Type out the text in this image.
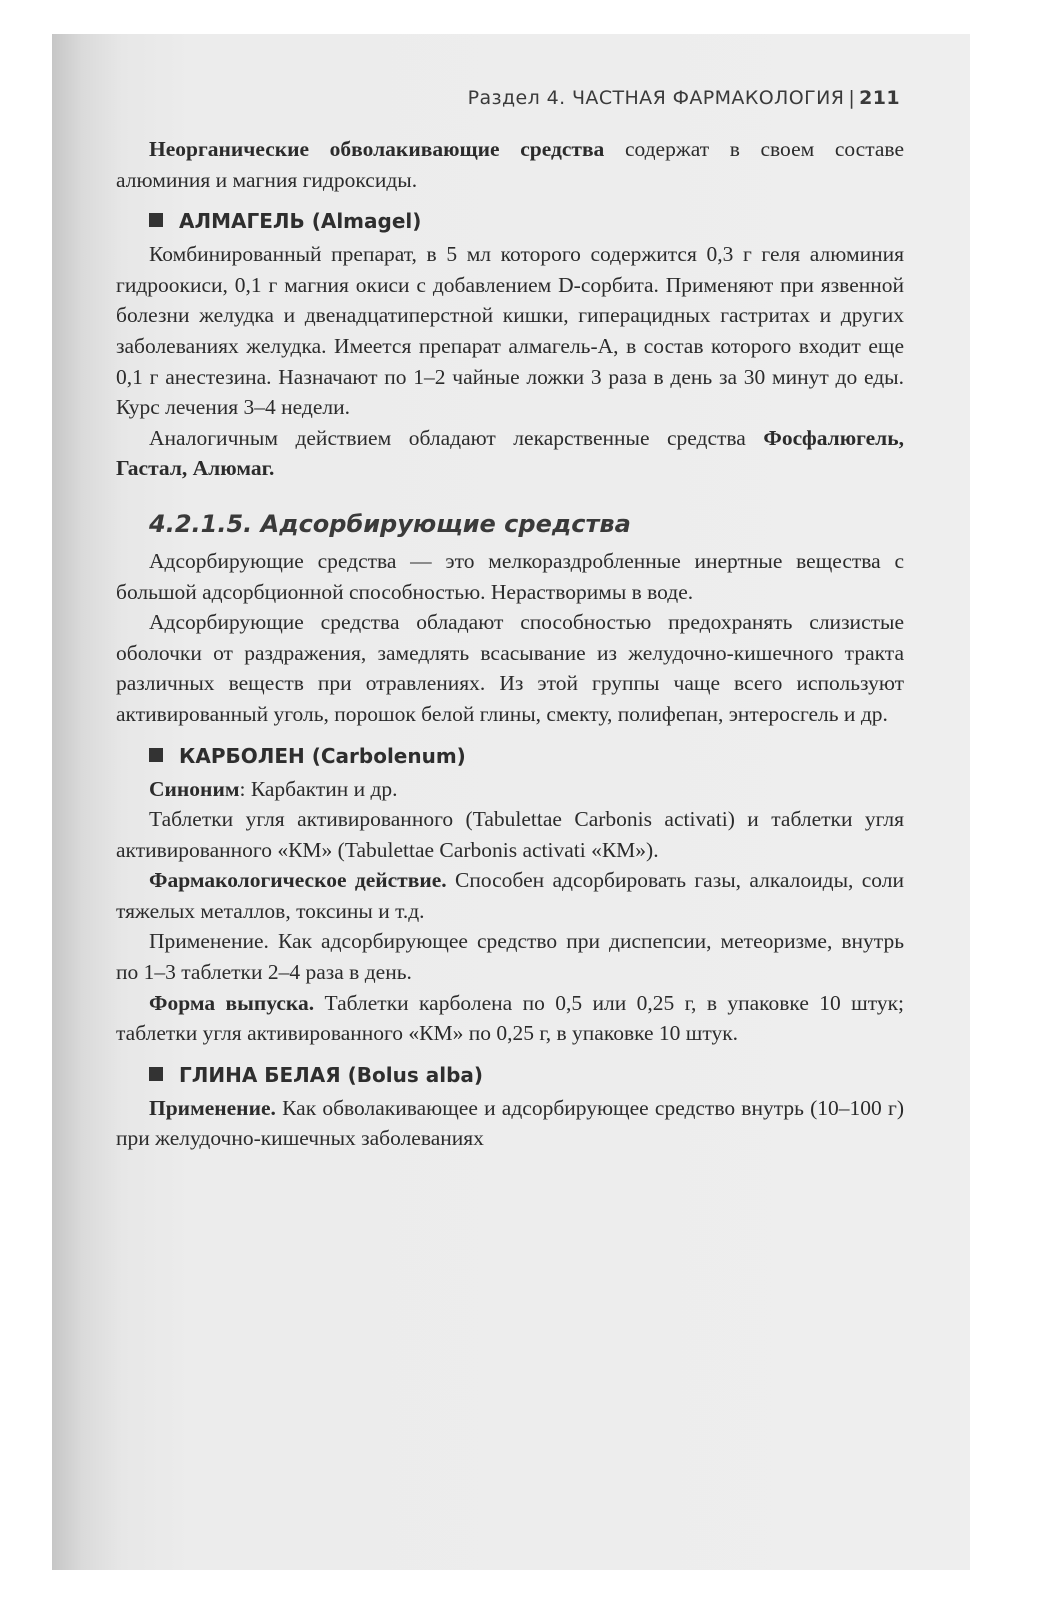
Раздел 4. ЧАСТНАЯ ФАРМАКОЛОГИЯ | 211

Неорганические обволакивающие средства содержат в своем составе алюминия и магния гидроксиды.

АЛМАГЕЛЬ (Almagel)

Комбинированный препарат, в 5 мл которого содержится 0,3 г геля алюминия гидроокиси, 0,1 г магния окиси с добавлением D-сорбита. Применяют при язвенной болезни желудка и двенадцатиперстной кишки, гиперацидных гастритах и других заболеваниях желудка. Имеется препарат алмагель-А, в состав которого входит еще 0,1 г анестезина. Назначают по 1–2 чайные ложки 3 раза в день за 30 минут до еды. Курс лечения 3–4 недели.

Аналогичным действием обладают лекарственные средства Фосфалюгель, Гастал, Алюмаг.

4.2.1.5. Адсорбирующие средства

Адсорбирующие средства — это мелкораздробленные инертные вещества с большой адсорбционной способностью. Нерастворимы в воде.

Адсорбирующие средства обладают способностью предохранять слизистые оболочки от раздражения, замедлять всасывание из желудочно-кишечного тракта различных веществ при отравлениях. Из этой группы чаще всего используют активированный уголь, порошок белой глины, смекту, полифепан, энтеросгель и др.

КАРБОЛЕН (Carbolenum)

Синоним: Карбактин и др.

Таблетки угля активированного (Tabulettae Carbonis activati) и таблетки угля активированного «КМ» (Tabulettae Carbonis activati «КМ»).

Фармакологическое действие. Способен адсорбировать газы, алкалоиды, соли тяжелых металлов, токсины и т.д.

Применение. Как адсорбирующее средство при диспепсии, метеоризме, внутрь по 1–3 таблетки 2–4 раза в день.

Форма выпуска. Таблетки карболена по 0,5 или 0,25 г, в упаковке 10 штук; таблетки угля активированного «КМ» по 0,25 г, в упаковке 10 штук.

ГЛИНА БЕЛАЯ (Bolus alba)

Применение. Как обволакивающее и адсорбирующее средство внутрь (10–100 г) при желудочно-кишечных заболеваниях
